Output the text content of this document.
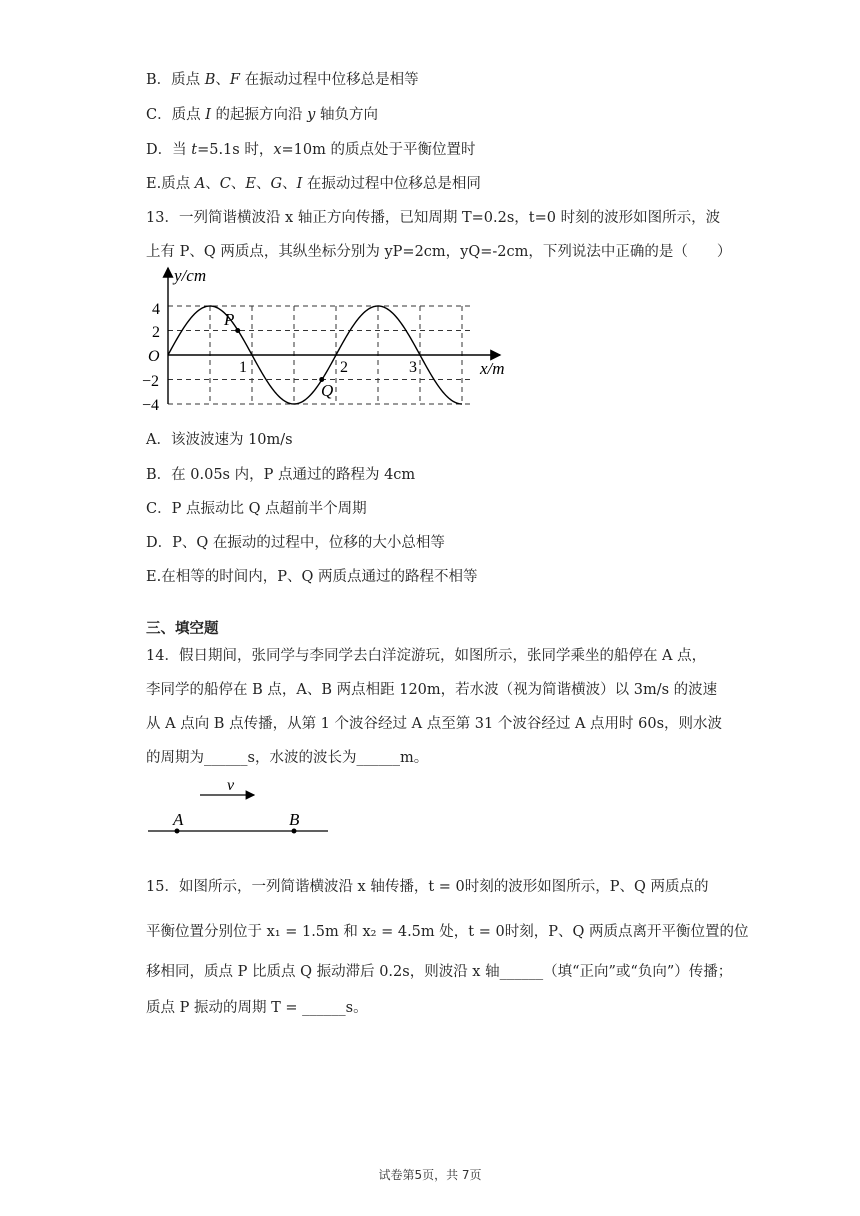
B．质点 B、F 在振动过程中位移总是相等
C．质点 I 的起振方向沿 y 轴负方向
D．当 t=5.1s 时，x=10m 的质点处于平衡位置时
E.质点 A、C、E、G、I 在振动过程中位移总是相同
13．一列简谐横波沿 x 轴正方向传播，已知周期 T=0.2s，t=0 时刻的波形如图所示，波
上有 P、Q 两质点，其纵坐标分别为 yP=2cm，yQ=-2cm，下列说法中正确的是（　　）
y/cm
x/m
O
4
2
−2
−4
1	2	3
P
Q
A．该波波速为 10m/s
B．在 0.05s 内，P 点通过的路程为 4cm
C．P 点振动比 Q 点超前半个周期
D．P、Q 在振动的过程中，位移的大小总相等
E.在相等的时间内，P、Q 两质点通过的路程不相等
三、填空题
14．假日期间，张同学与李同学去白洋淀游玩，如图所示，张同学乘坐的船停在 A 点，
李同学的船停在 B 点，A、B 两点相距 120m，若水波（视为简谐横波）以 3m/s 的波速
从 A 点向 B 点传播，从第 1 个波谷经过 A 点至第 31 个波谷经过 A 点用时 60s，则水波
的周期为______s，水波的波长为______m。
v
A	B
15．如图所示，一列简谐横波沿 x 轴传播，t = 0时刻的波形如图所示，P、Q 两质点的
平衡位置分别位于 x₁ = 1.5m 和 x₂ = 4.5m 处，t = 0时刻，P、Q 两质点离开平衡位置的位
移相同，质点 P 比质点 Q 振动滞后 0.2s，则波沿 x 轴______（填“正向”或“负向”）传播；
质点 P 振动的周期 T = ______s。
试卷第5页，共 7页
